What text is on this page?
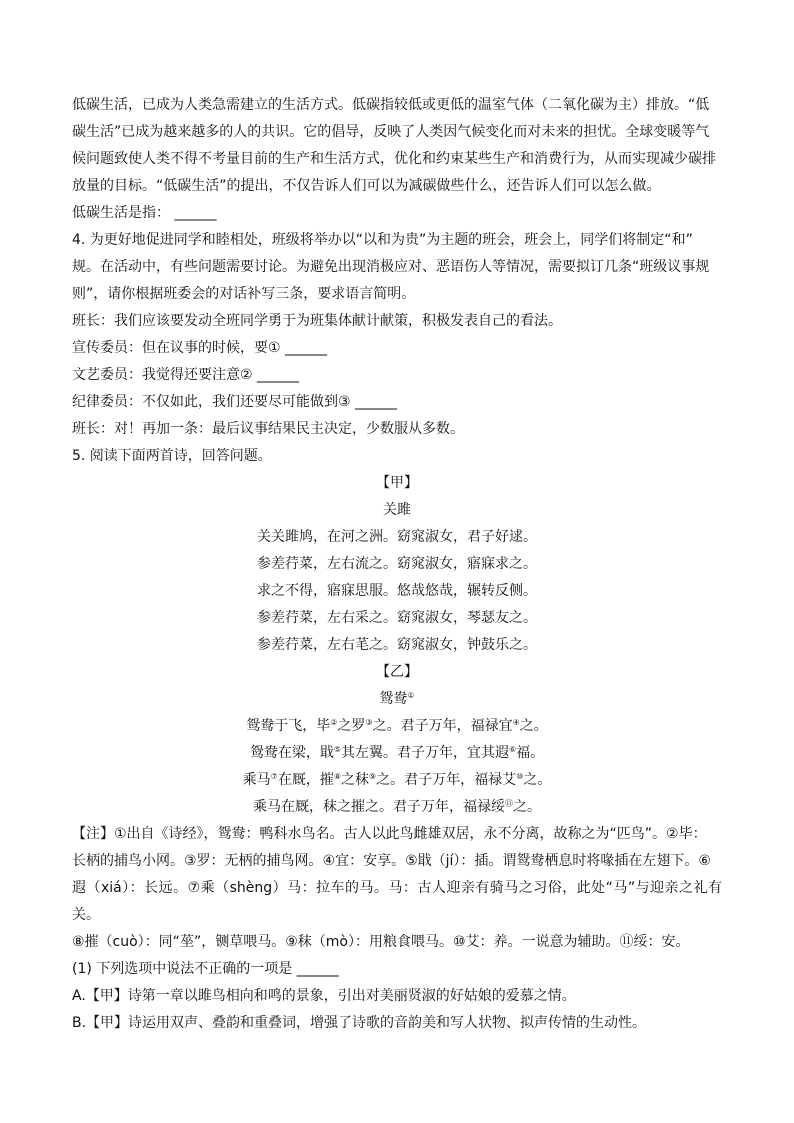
低碳生活，已成为人类急需建立的生活方式。低碳指较低或更低的温室气体（二氧化碳为主）排放。“低

碳生活”已成为越来越多的人的共识。它的倡导，反映了人类因气候变化而对未来的担忧。全球变暖等气

候问题致使人类不得不考量目前的生产和生活方式，优化和约束某些生产和消费行为，从而实现减少碳排

放量的目标。“低碳生活”的提出，不仅告诉人们可以为减碳做些什么，还告诉人们可以怎么做。

低碳生活是指： ______

4. 为更好地促进同学和睦相处，班级将举办以“以和为贵”为主题的班会，班会上，同学们将制定“和”

规。在活动中，有些问题需要讨论。为避免出现消极应对、恶语伤人等情况，需要拟订几条“班级议事规

则”，请你根据班委会的对话补写三条，要求语言简明。

班长：我们应该要发动全班同学勇于为班集体献计献策，积极发表自己的看法。

宣传委员：但在议事的时候，要① ______

文艺委员：我觉得还要注意② ______

纪律委员：不仅如此，我们还要尽可能做到③ ______

班长：对！再加一条：最后议事结果民主决定，少数服从多数。

5. 阅读下面两首诗，回答问题。

【甲】

关雎

关关雎鸠，在河之洲。窈窕淑女，君子好逑。

参差荇菜，左右流之。窈窕淑女，寤寐求之。

求之不得，寤寐思服。悠哉悠哉，辗转反侧。

参差荇菜，左右采之。窈窕淑女，琴瑟友之。

参差荇菜，左右芼之。窈窕淑女，钟鼓乐之。

【乙】

鸳鸯①

鸳鸯于飞，毕②之罗③之。君子万年，福禄宜④之。

鸳鸯在梁，戢⑤其左翼。君子万年，宜其遐⑥福。

乘马⑦在厩，摧⑧之秣⑨之。君子万年，福禄艾⑩之。

乘马在厩，秣之摧之。君子万年，福禄绥⑪之。

【注】①出自《诗经》，鸳鸯：鸭科水鸟名。古人以此鸟雌雄双居，永不分离，故称之为“匹鸟”。②毕：

长柄的捕鸟小网。③罗：无柄的捕鸟网。④宜：安享。⑤戢（jí）：插。谓鸳鸯栖息时将喙插在左翅下。⑥

遐（xiá）：长远。⑦乘（shèng）马：拉车的马。马：古人迎亲有骑马之习俗，此处“马”与迎亲之礼有关。

⑧摧（cuò）：同“莝”，铡草喂马。⑨秣（mò）：用粮食喂马。⑩艾：养。一说意为辅助。⑪绥：安。

(1) 下列选项中说法不正确的一项是 ______

A.【甲】诗第一章以雎鸟相向和鸣的景象，引出对美丽贤淑的好姑娘的爱慕之情。

B.【甲】诗运用双声、叠韵和重叠词，增强了诗歌的音韵美和写人状物、拟声传情的生动性。
